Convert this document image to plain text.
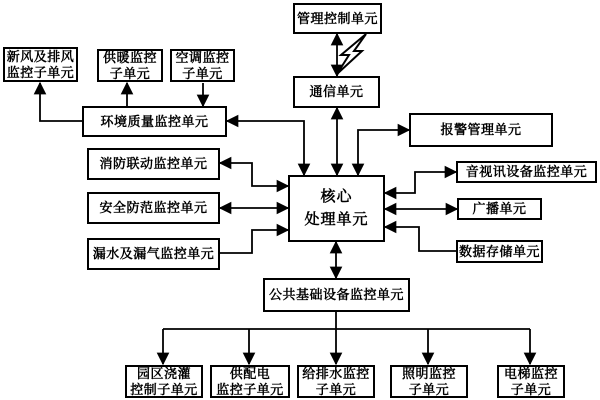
管理控制单元
通信单元
核心
处理单元
新风及排风
监控子单元
供暖监控
子单元
空调监控
子单元
环境质量监控单元
消防联动监控单元
安全防范监控单元
漏水及漏气监控单元
公共基础设备监控单元
报警管理单元
音视讯设备监控单元
广播单元
数据存储单元
园区浇灌
控制子单元
供配电
监控子单元
给排水监控
子单元
照明监控
子单元
电梯监控
子单元
